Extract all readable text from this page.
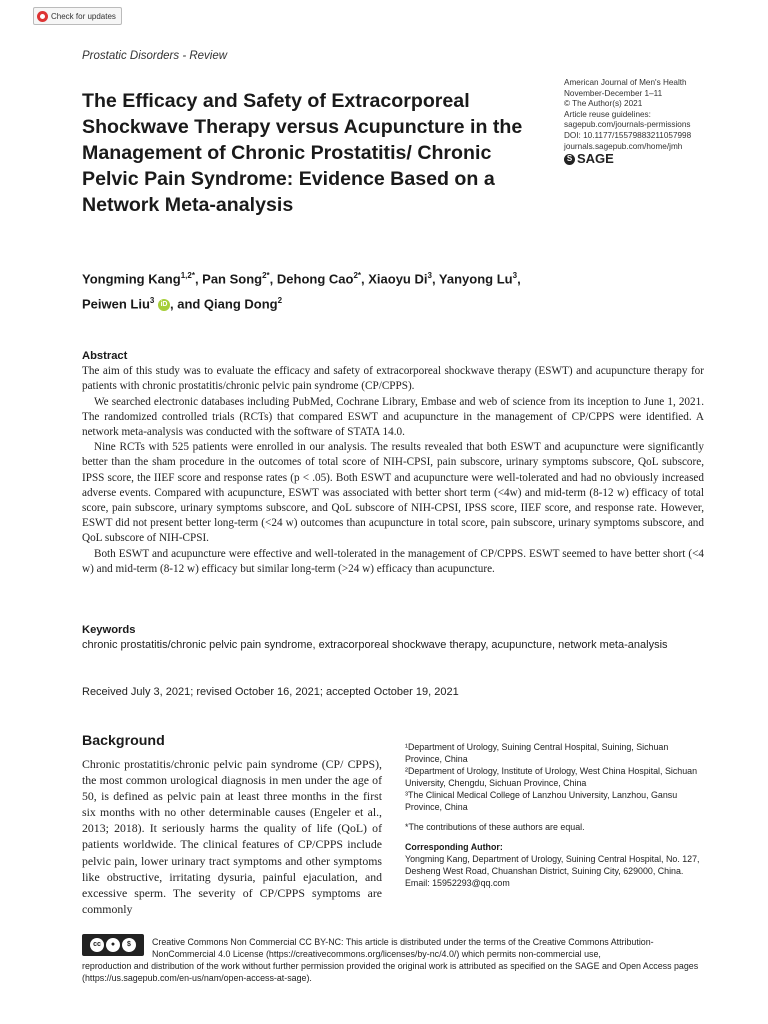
Check for updates
Prostatic Disorders - Review
The Efficacy and Safety of Extracorporeal Shockwave Therapy versus Acupuncture in the Management of Chronic Prostatitis/ Chronic Pelvic Pain Syndrome: Evidence Based on a Network Meta-analysis
American Journal of Men's Health
November-December 1–11
© The Author(s) 2021
Article reuse guidelines:
sagepub.com/journals-permissions
DOI: 10.1177/15579883211057998
journals.sagepub.com/home/jmh
S SAGE
Yongming Kang$^{1,2*}$, Pan Song$^{2*}$, Dehong Cao$^{2*}$, Xiaoyu Di$^3$, Yanyong Lu$^3$,
Peiwen Liu$^3$ iD , and Qiang Dong$^2$
Abstract

The aim of this study was to evaluate the efficacy and safety of extracorporeal shockwave therapy (ESWT) and acupuncture therapy for patients with chronic prostatitis/chronic pelvic pain syndrome (CP/CPPS).

We searched electronic databases including PubMed, Cochrane Library, Embase and web of science from its inception to June 1, 2021. The randomized controlled trials (RCTs) that compared ESWT and acupuncture in the management of CP/CPPS were identified. A network meta-analysis was conducted with the software of STATA 14.0.

Nine RCTs with 525 patients were enrolled in our analysis. The results revealed that both ESWT and acupuncture were significantly better than the sham procedure in the outcomes of total score of NIH-CPSI, pain subscore, urinary symptoms subscore, QoL subscore, IPSS score, the IIEF score and response rates (p < .05). Both ESWT and acupuncture were well-tolerated and had no obviously increased adverse events. Compared with acupuncture, ESWT was associated with better short term (<4w) and mid-term (8-12 w) efficacy of total score, pain subscore, urinary symptoms subscore, and QoL subscore of NIH-CPSI, IPSS score, IIEF score, and response rate. However, ESWT did not present better long-term (<24 w) outcomes than acupuncture in total score, pain subscore, urinary symptoms subscore, and QoL subscore of NIH-CPSI.

Both ESWT and acupuncture were effective and well-tolerated in the management of CP/CPPS. ESWT seemed to have better short (<4 w) and mid-term (8-12 w) efficacy but similar long-term (>24 w) efficacy than acupuncture.

Keywords

chronic prostatitis/chronic pelvic pain syndrome, extracorporeal shockwave therapy, acupuncture, network meta-analysis

Received July 3, 2021; revised October 16, 2021; accepted October 19, 2021
Background

Chronic prostatitis/chronic pelvic pain syndrome (CP/ CPPS), the most common urological diagnosis in men under the age of 50, is defined as pelvic pain at least three months in the first six months with no other determinable causes (Engeler et al., 2013; 2018). It seriously harms the quality of life (QoL) of patients worldwide. The clinical features of CP/CPPS include pelvic pain, lower urinary tract symptoms and other symptoms like obstructive, irritating dysuria, painful ejaculation, and excessive sperm. The severity of CP/CPPS symptoms are commonly

¹Department of Urology, Suining Central Hospital, Suining, Sichuan Province, China

²Department of Urology, Institute of Urology, West China Hospital, Sichuan University, Chengdu, Sichuan Province, China

³The Clinical Medical College of Lanzhou University, Lanzhou, Gansu Province, China

*The contributions of these authors are equal.

Corresponding Author:

Yongming Kang, Department of Urology, Suining Central Hospital, No. 127, Desheng West Road, Chuanshan District, Suining City, 629000, China.

Email: 15952293@qq.com

cc	●	$	Creative Commons Non Commercial CC BY-NC: This article is distributed under the terms of the Creative Commons Attribution-NonCommercial 4.0 License (https://creativecommons.org/licenses/by-nc/4.0/) which permits non-commercial use,
reproduction and distribution of the work without further permission provided the original work is attributed as specified on the SAGE and Open Access pages (https://us.sagepub.com/en-us/nam/open-access-at-sage).
